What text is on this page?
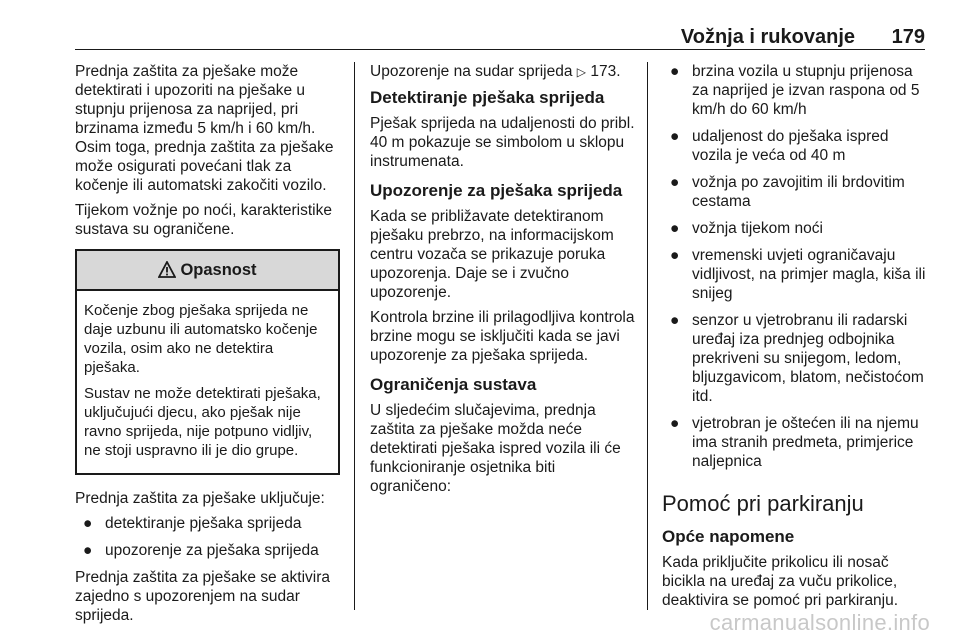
Vožnja i rukovanje 179

Prednja zaštita za pješake može detektirati i upozoriti na pješake u stupnju prijenosa za naprijed, pri brzinama između 5 km/h i 60 km/h. Osim toga, prednja zaštita za pješake može osigurati povećani tlak za kočenje ili automatski zakočiti vozilo.

Tijekom vožnje po noći, karakteristike sustava su ograničene.

Opasnost

Kočenje zbog pješaka sprijeda ne daje uzbunu ili automatsko kočenje vozila, osim ako ne detektira pješaka.

Sustav ne može detektirati pješaka, uključujući djecu, ako pješak nije ravno sprijeda, nije potpuno vidljiv, ne stoji uspravno ili je dio grupe.

Prednja zaštita za pješake uključuje:

● detektiranje pješaka sprijeda
● upozorenje za pješaka sprijeda

Prednja zaštita za pješake se aktivira zajedno s upozorenjem na sudar sprijeda.

Upozorenje na sudar sprijeda ▷ 173.

Detektiranje pješaka sprijeda

Pješak sprijeda na udaljenosti do pribl. 40 m pokazuje se simbolom u sklopu instrumenata.

Upozorenje za pješaka sprijeda

Kada se približavate detektiranom pješaku prebrzo, na informacijskom centru vozača se prikazuje poruka upozorenja. Daje se i zvučno upozorenje.

Kontrola brzine ili prilagodljiva kontrola brzine mogu se isključiti kada se javi upozorenje za pješaka sprijeda.

Ograničenja sustava

U sljedećim slučajevima, prednja zaštita za pješake možda neće detektirati pješaka ispred vozila ili će funkcioniranje osjetnika biti ograničeno:

● brzina vozila u stupnju prijenosa za naprijed je izvan raspona od 5 km/h do 60 km/h
● udaljenost do pješaka ispred vozila je veća od 40 m
● vožnja po zavojitim ili brdovitim cestama
● vožnja tijekom noći
● vremenski uvjeti ograničavaju vidljivost, na primjer magla, kiša ili snijeg
● senzor u vjetrobranu ili radarski uređaj iza prednjeg odbojnika prekriveni su snijegom, ledom, bljuzgavicom, blatom, nečistoćom itd.
● vjetrobran je oštećen ili na njemu ima stranih predmeta, primjerice naljepnica
Pomoć pri parkiranju
Opće napomene

Kada priključite prikolicu ili nosač bicikla na uređaj za vuču prikolice, deaktivira se pomoć pri parkiranju.

carmanualsonline.info
